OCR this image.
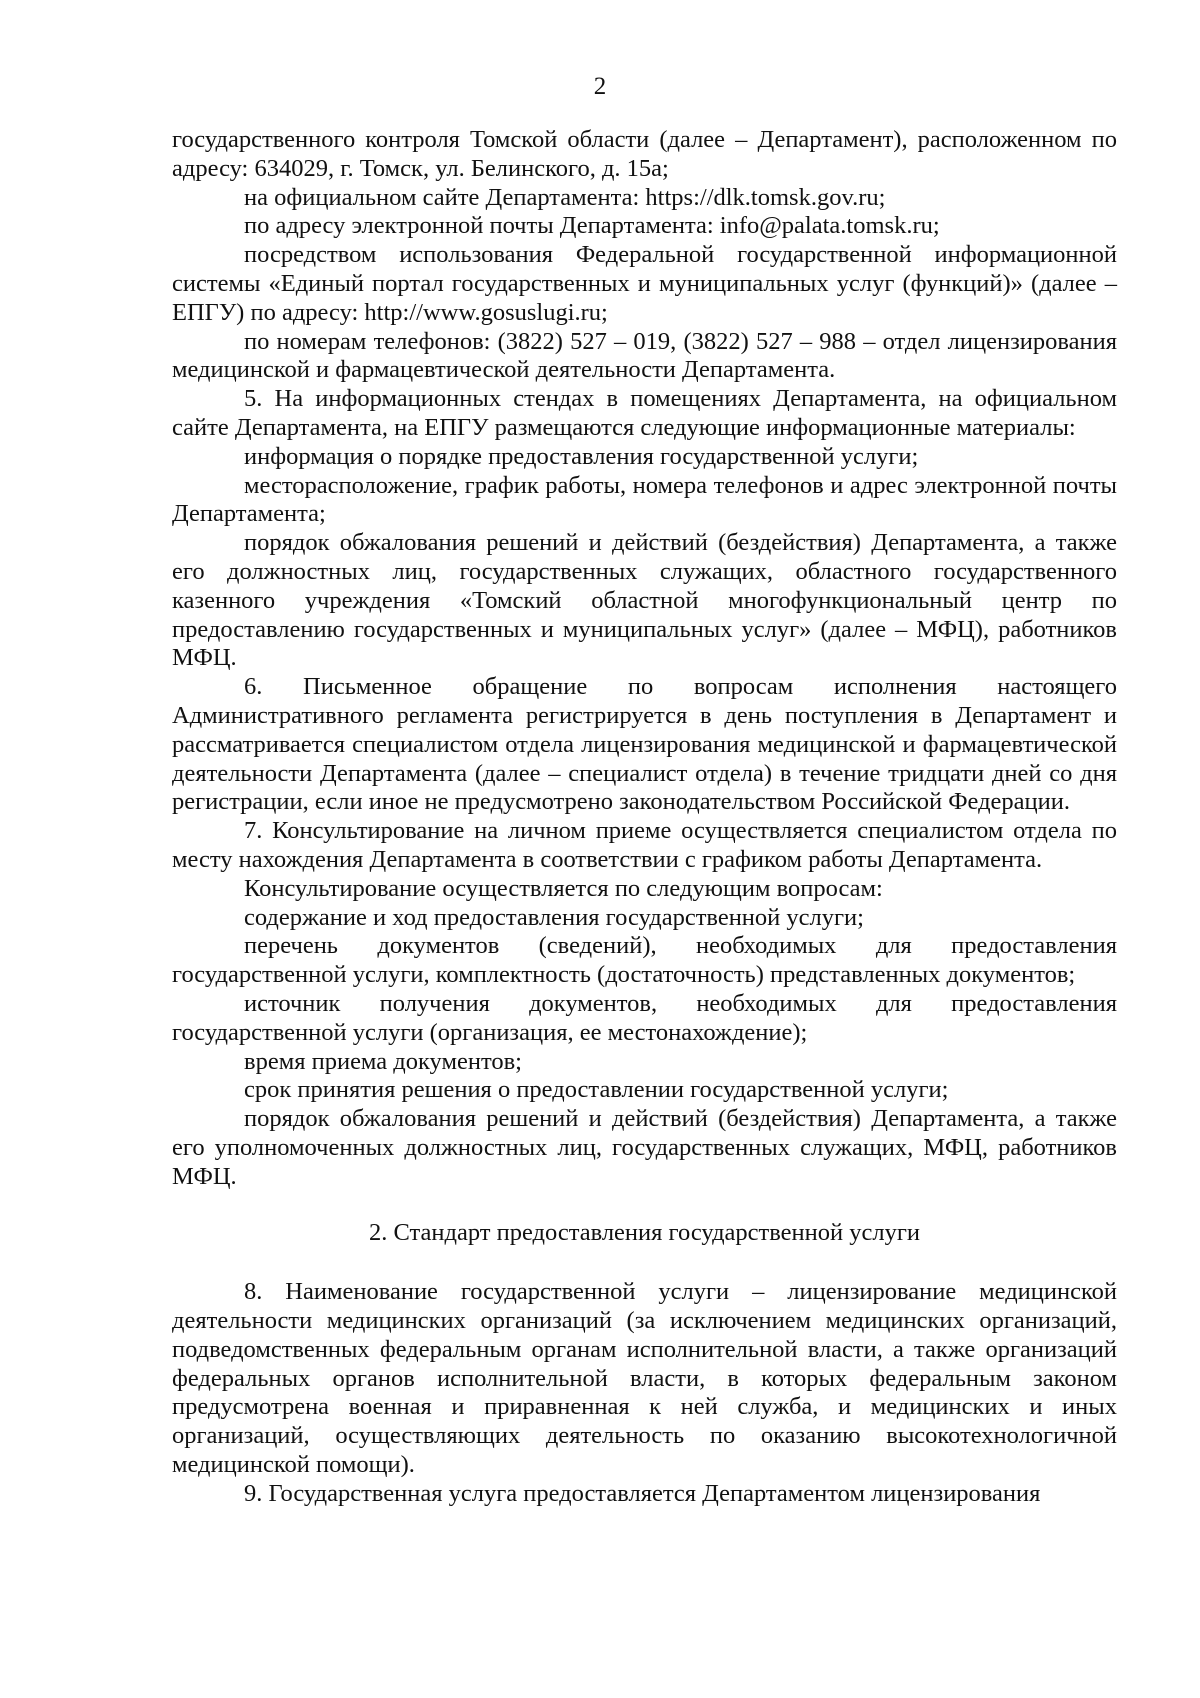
2

государственного контроля Томской области (далее – Департамент), расположенном по адресу: 634029, г. Томск, ул. Белинского, д. 15а;

на официальном сайте Департамента: https://dlk.tomsk.gov.ru;

по адресу электронной почты Департамента: info@palata.tomsk.ru;

посредством использования Федеральной государственной информационной системы «Единый портал государственных и муниципальных услуг (функций)» (далее – ЕПГУ) по адресу: http://www.gosuslugi.ru;

по номерам телефонов: (3822) 527 – 019, (3822) 527 – 988 – отдел лицензирования медицинской и фармацевтической деятельности Департамента.

5. На информационных стендах в помещениях Департамента, на официальном сайте Департамента, на ЕПГУ размещаются следующие информационные материалы:

информация о порядке предоставления государственной услуги;

месторасположение, график работы, номера телефонов и адрес электронной почты Департамента;

порядок обжалования решений и действий (бездействия) Департамента, а также его должностных лиц, государственных служащих, областного государственного казенного учреждения «Томский областной многофункциональный центр по предоставлению государственных и муниципальных услуг» (далее – МФЦ), работников МФЦ.

6. Письменное обращение по вопросам исполнения настоящего Административного регламента регистрируется в день поступления в Департамент и рассматривается специалистом отдела лицензирования медицинской и фармацевтической деятельности Департамента (далее – специалист отдела) в течение тридцати дней со дня регистрации, если иное не предусмотрено законодательством Российской Федерации.

7. Консультирование на личном приеме осуществляется специалистом отдела по месту нахождения Департамента в соответствии с графиком работы Департамента.

Консультирование осуществляется по следующим вопросам:

содержание и ход предоставления государственной услуги;

перечень документов (сведений), необходимых для предоставления государственной услуги, комплектность (достаточность) представленных документов;

источник получения документов, необходимых для предоставления государственной услуги (организация, ее местонахождение);

время приема документов;

срок принятия решения о предоставлении государственной услуги;

порядок обжалования решений и действий (бездействия) Департамента, а также его уполномоченных должностных лиц, государственных служащих, МФЦ, работников МФЦ.

2. Стандарт предоставления государственной услуги

8. Наименование государственной услуги – лицензирование медицинской деятельности медицинских организаций (за исключением медицинских организаций, подведомственных федеральным органам исполнительной власти, а также организаций федеральных органов исполнительной власти, в которых федеральным законом предусмотрена военная и приравненная к ней служба, и медицинских и иных организаций, осуществляющих деятельность по оказанию высокотехнологичной медицинской помощи).

9. Государственная услуга предоставляется Департаментом лицензирования
